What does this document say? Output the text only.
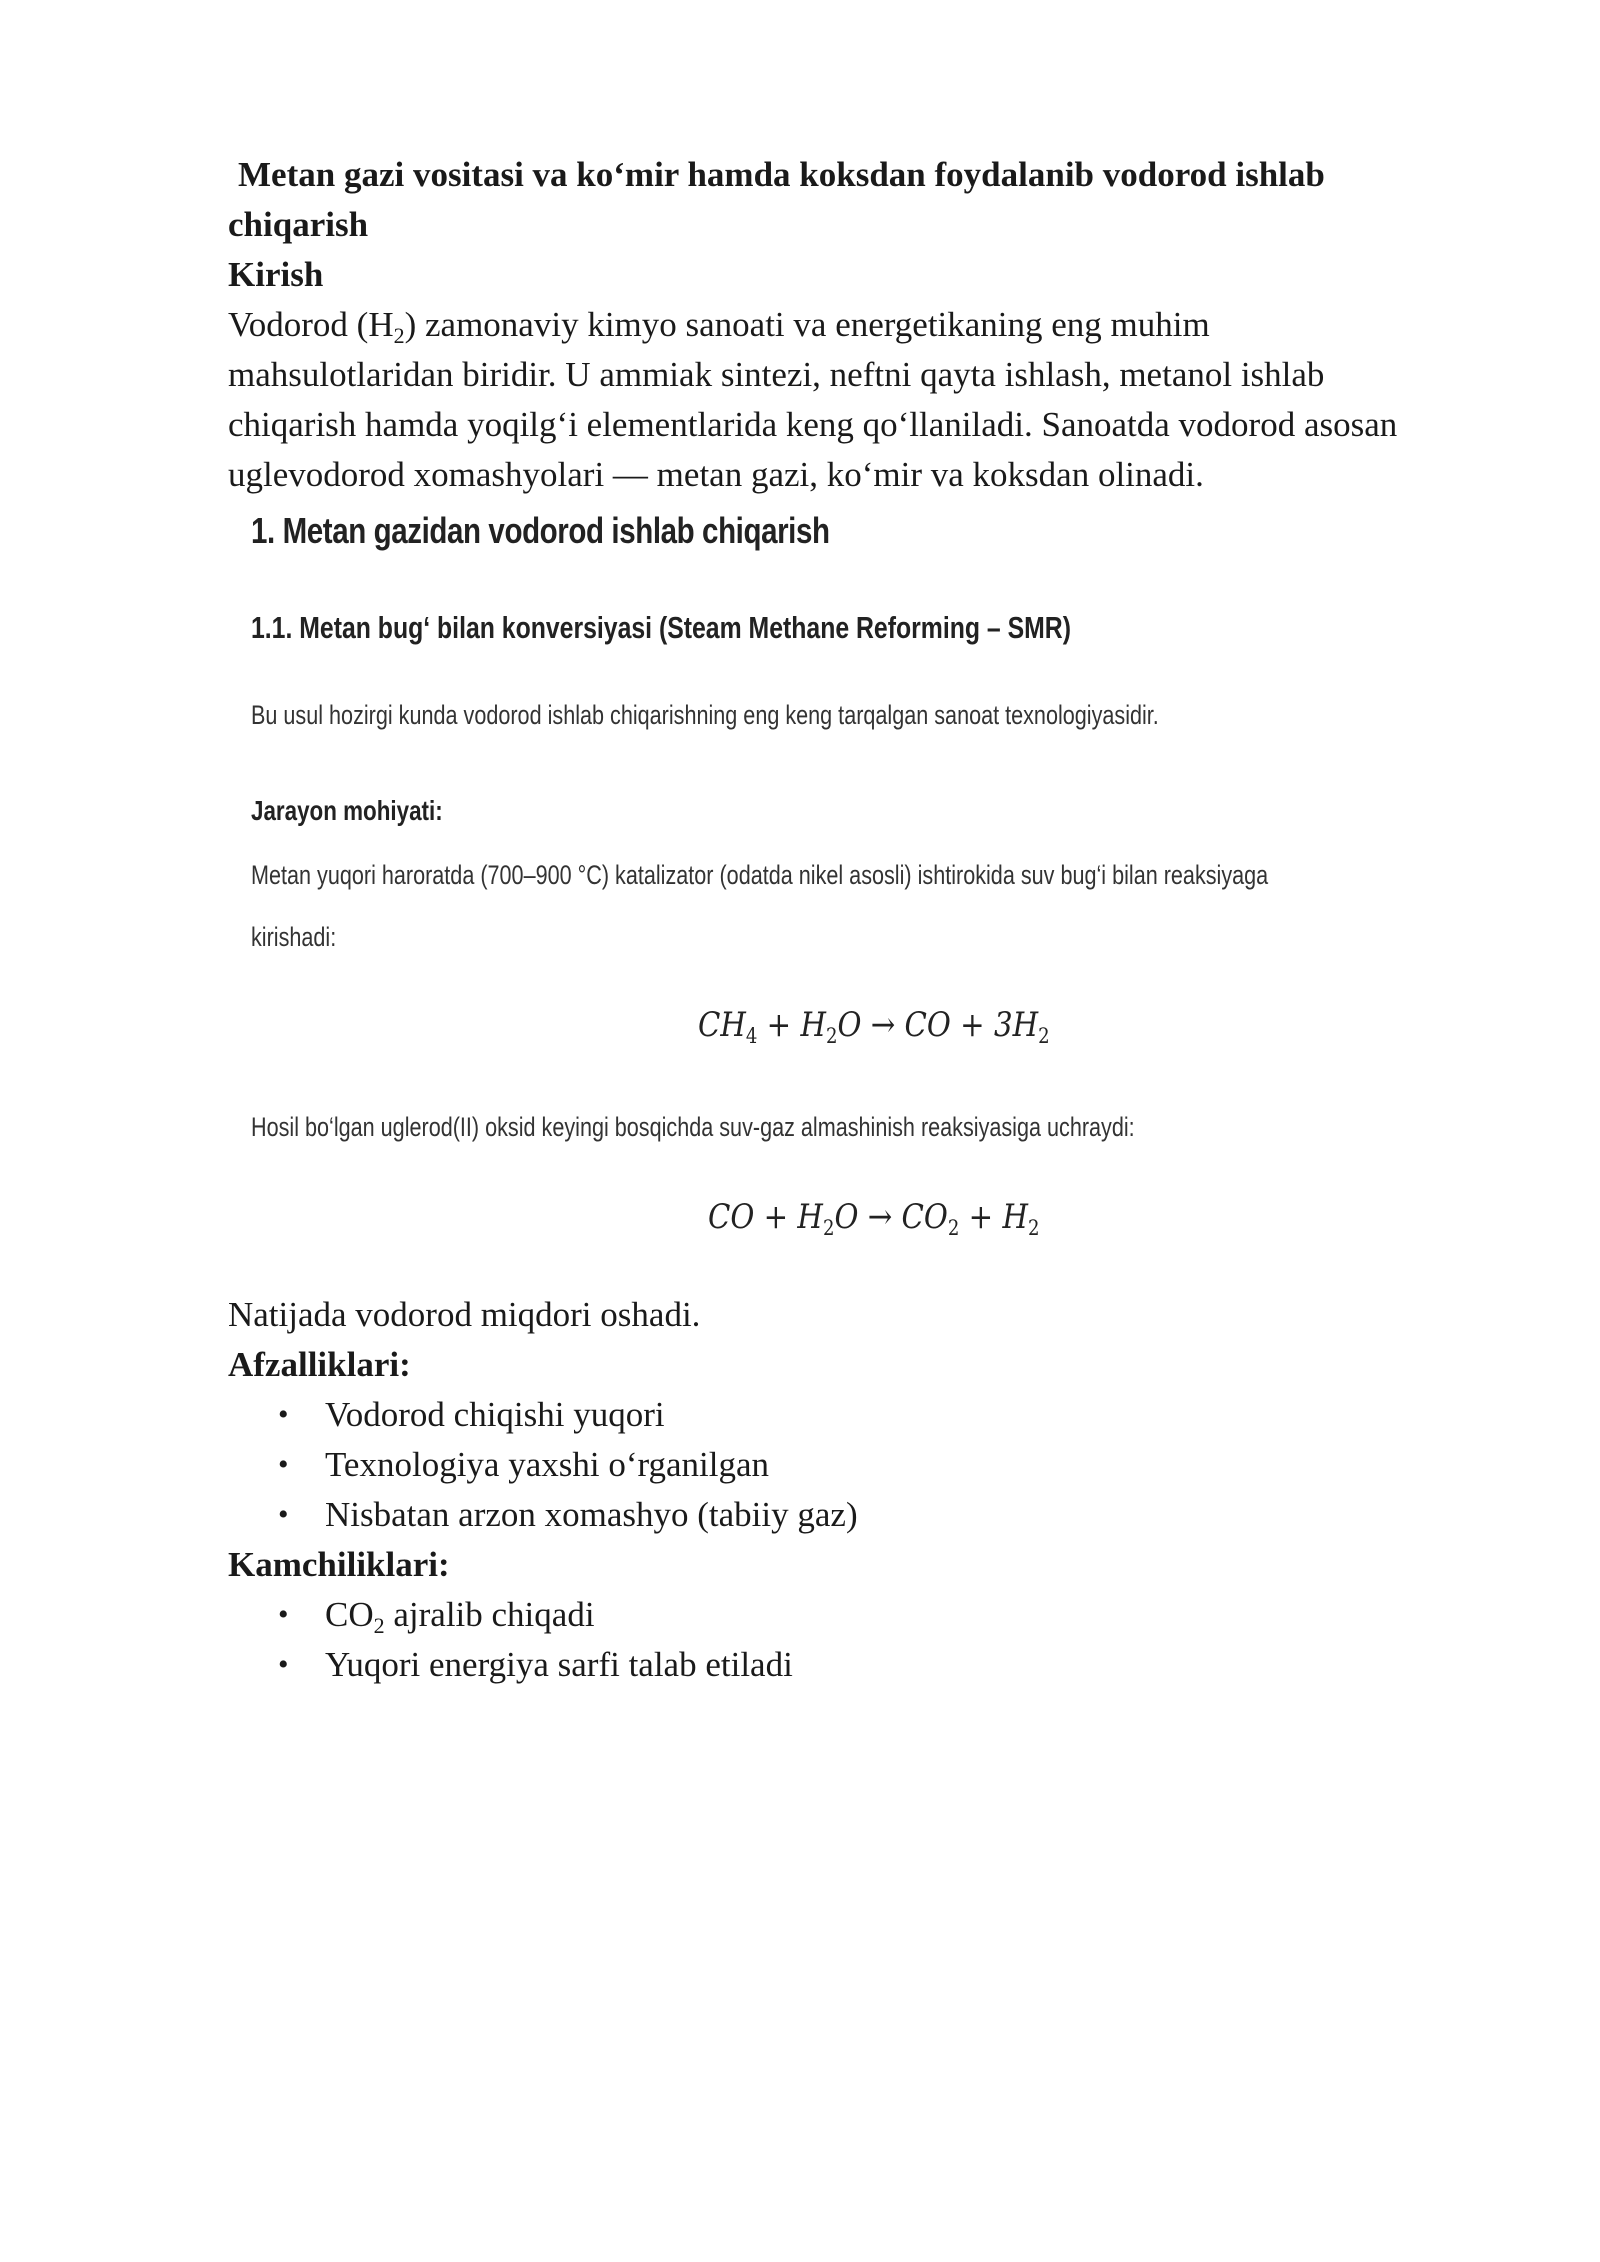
Metan gazi vositasi va ko‘mir hamda koksdan foydalanib vodorod ishlab
chiqarish

Kirish

Vodorod $(H_2)$ zamonaviy kimyo sanoati va energetikaning eng muhim
mahsulotlaridan biridir. U ammiak sintezi, neftni qayta ishlash, metanol ishlab
chiqarish hamda yoqilg‘i elementlarida keng qo‘llaniladi. Sanoatda vodorod asosan
uglevodorod xomashyolari — metan gazi, ko‘mir va koksdan olinadi.

1. Metan gazidan vodorod ishlab chiqarish
1.1. Metan bug‘ bilan konversiyasi (Steam Methane Reforming – SMR)
Bu usul hozirgi kunda vodorod ishlab chiqarishning eng keng tarqalgan sanoat texnologiyasidir.
Jarayon mohiyati:
Metan yuqori haroratda (700–900 °C) katalizator (odatda nikel asosli) ishtirokida suv bug‘i bilan reaksiyaga
kirishadi:
$CH_4 + H_2O$ → CO + $3H_2$
Hosil bo‘lgan uglerod(II) oksid keyingi bosqichda suv-gaz almashinish reaksiyasiga uchraydi:
CO + $H_2O \to CO_2 + H_2$

Natijada vodorod miqdori oshadi.

Afzalliklari:

• Vodorod chiqishi yuqori
• Texnologiya yaxshi o‘rganilgan
• Nisbatan arzon xomashyo (tabiiy gaz)

Kamchiliklari:

• $CO_2$ ajralib chiqadi
• Yuqori energiya sarfi talab etiladi
